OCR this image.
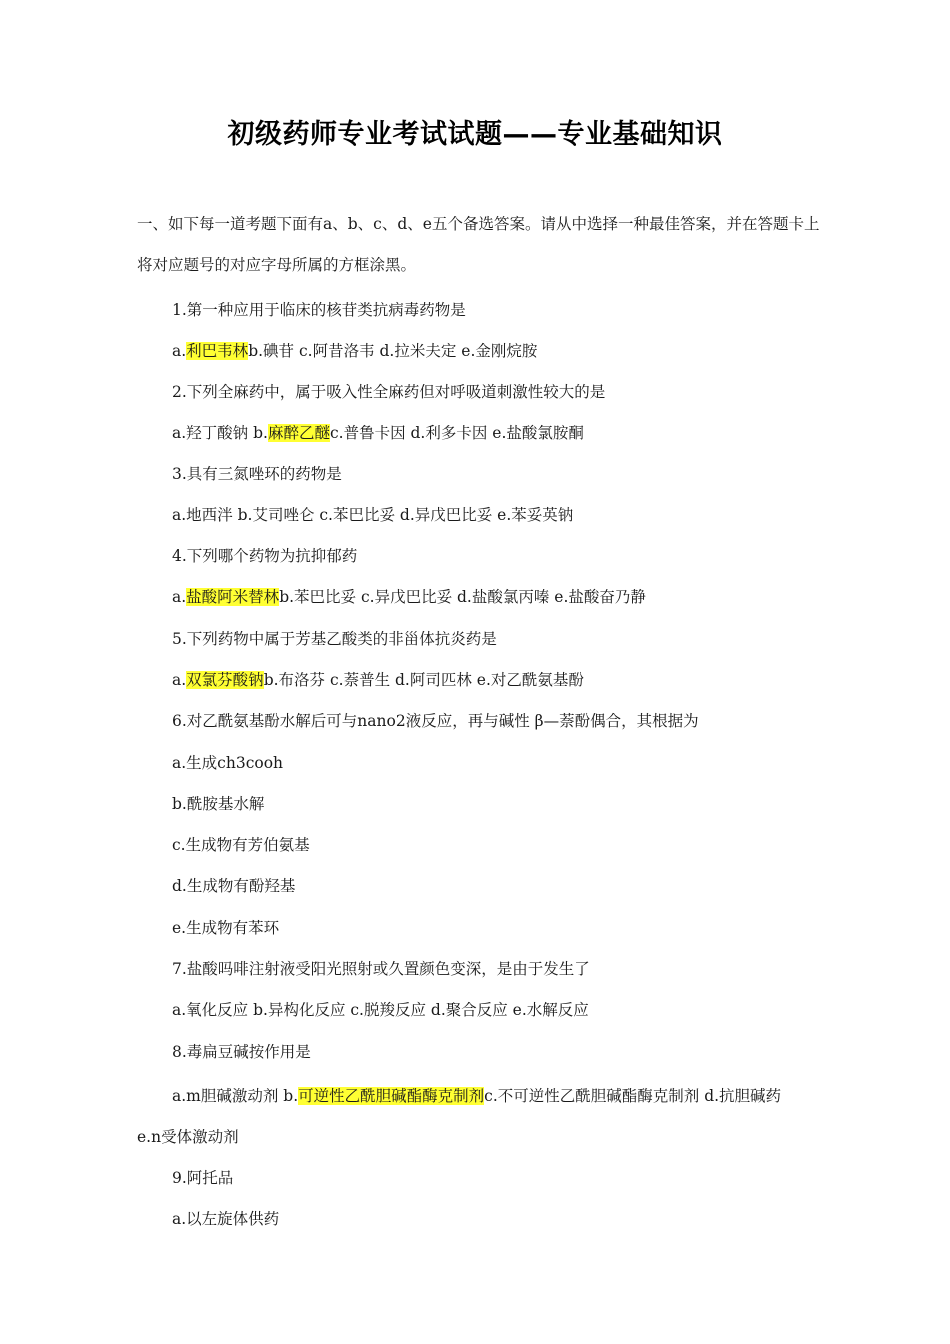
初级药师专业考试试题——专业基础知识
一、如下每一道考题下面有a、b、c、d、e五个备选答案。请从中选择一种最佳答案，并在答题卡上将对应题号的对应字母所属的方框涂黑。
1.第一种应用于临床的核苷类抗病毒药物是
a.利巴韦林b.碘苷 c.阿昔洛韦 d.拉米夫定 e.金刚烷胺
2.下列全麻药中，属于吸入性全麻药但对呼吸道刺激性较大的是
a.羟丁酸钠 b.麻醉乙醚c.普鲁卡因 d.利多卡因 e.盐酸氯胺酮
3.具有三氮唑环的药物是
a.地西泮 b.艾司唑仑 c.苯巴比妥 d.异戊巴比妥 e.苯妥英钠
4.下列哪个药物为抗抑郁药
a.盐酸阿米替林b.苯巴比妥 c.异戊巴比妥 d.盐酸氯丙嗪 e.盐酸奋乃静
5.下列药物中属于芳基乙酸类的非甾体抗炎药是
a.双氯芬酸钠b.布洛芬 c.萘普生 d.阿司匹林 e.对乙酰氨基酚
6.对乙酰氨基酚水解后可与nano2液反应，再与碱性 β—萘酚偶合，其根据为
a.生成ch3cooh
b.酰胺基水解
c.生成物有芳伯氨基
d.生成物有酚羟基
e.生成物有苯环
7.盐酸吗啡注射液受阳光照射或久置颜色变深，是由于发生了
a.氧化反应 b.异构化反应 c.脱羧反应 d.聚合反应 e.水解反应
8.毒扁豆碱按作用是
a.m胆碱激动剂 b.可逆性乙酰胆碱酯酶克制剂c.不可逆性乙酰胆碱酯酶克制剂 d.抗胆碱药
e.n受体激动剂
9.阿托品
a.以左旋体供药
